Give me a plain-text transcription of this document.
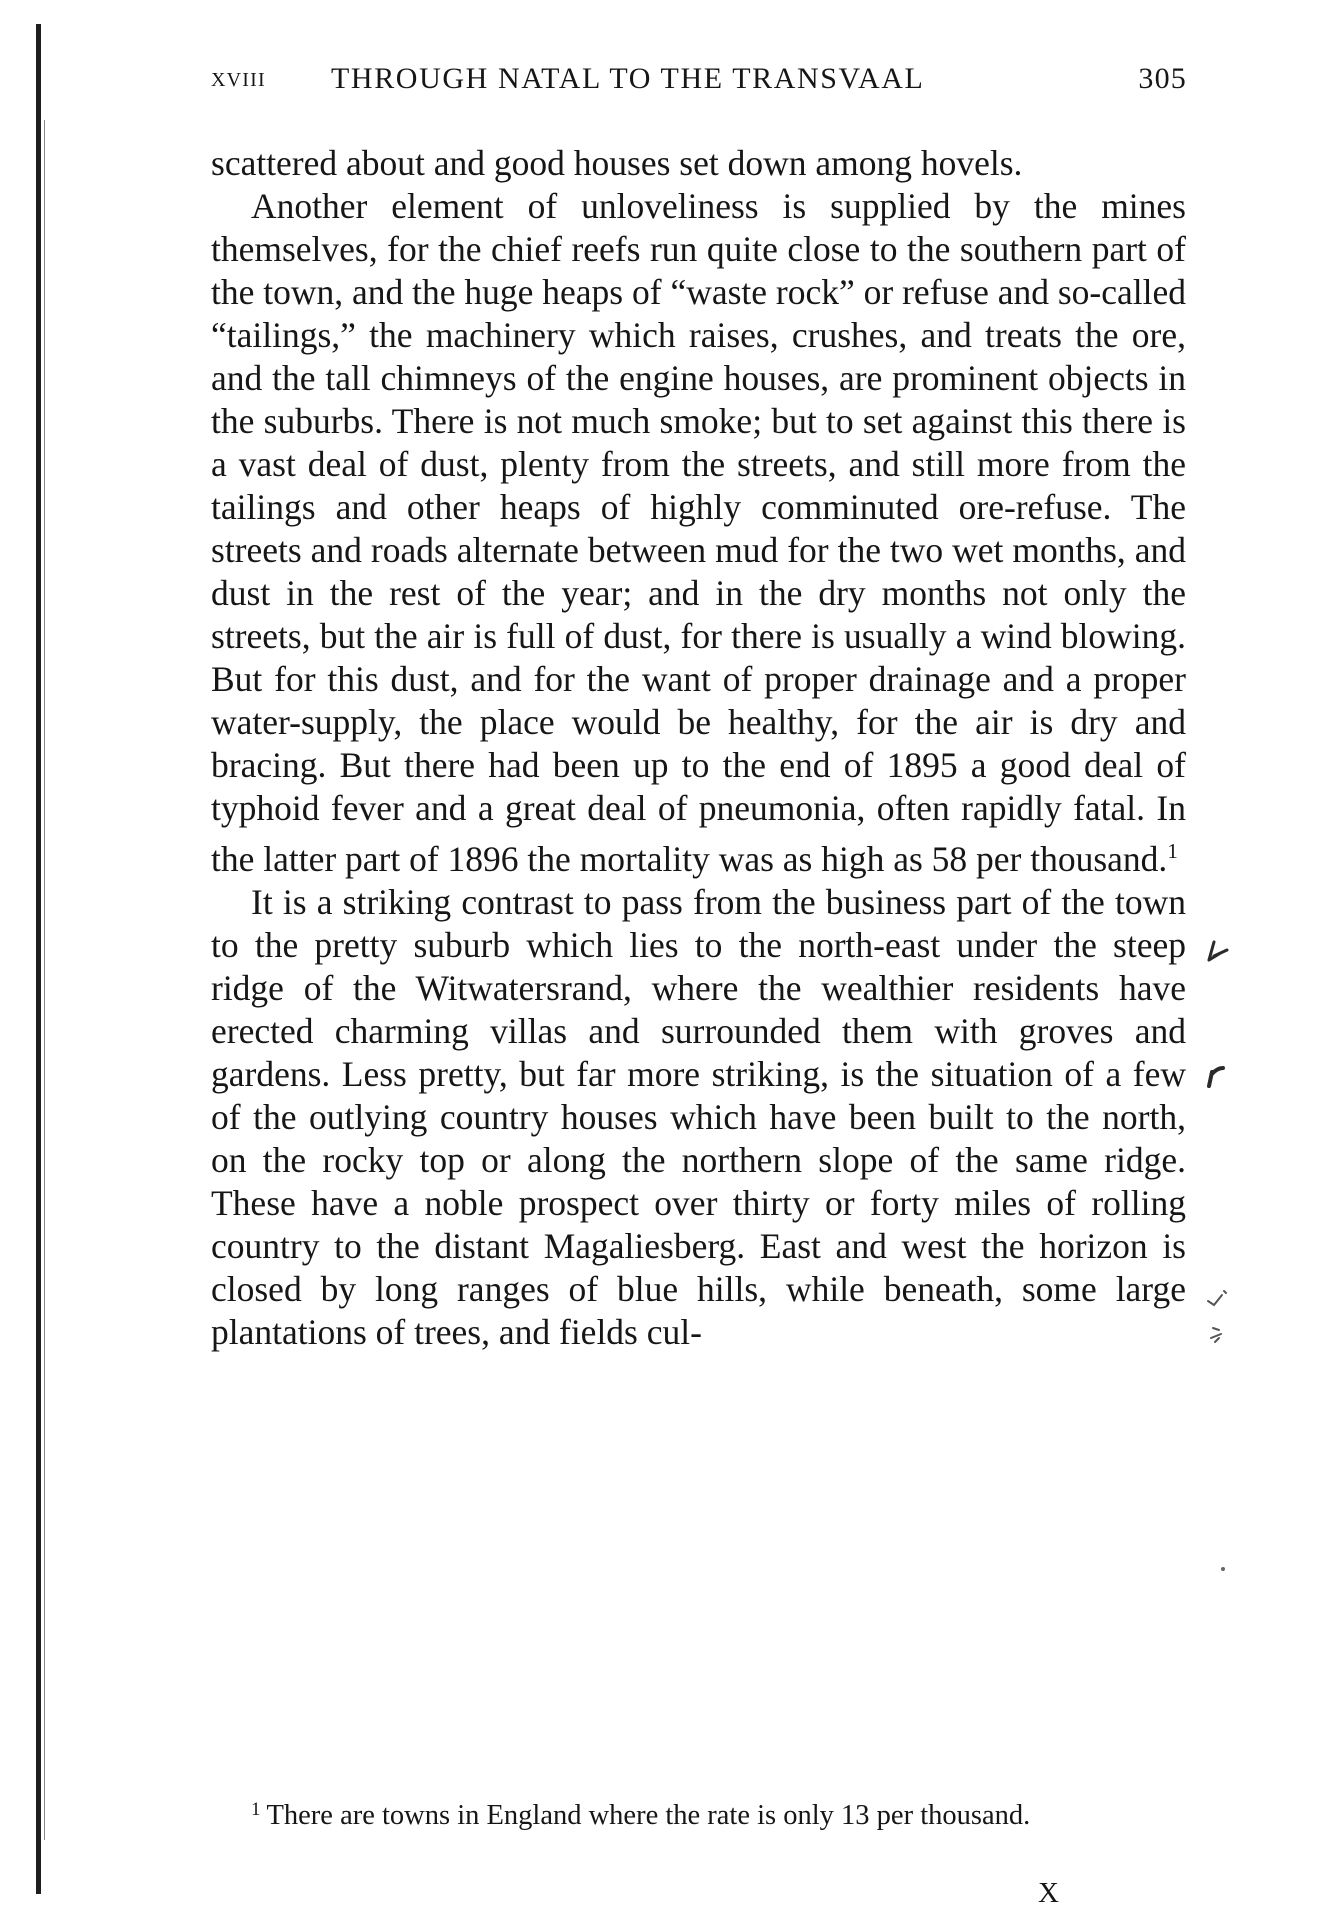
xviii THROUGH NATAL TO THE TRANSVAAL	305

scattered about and good houses set down among hovels.

Another element of unloveliness is supplied by the mines themselves, for the chief reefs run quite close to the southern part of the town, and the huge heaps of “waste rock” or refuse and so-called “tailings,” the machinery which raises, crushes, and treats the ore, and the tall chimneys of the engine houses, are prominent objects in the suburbs. There is not much smoke; but to set against this there is a vast deal of dust, plenty from the streets, and still more from the tailings and other heaps of highly comminuted ore-refuse. The streets and roads alternate between mud for the two wet months, and dust in the rest of the year; and in the dry months not only the streets, but the air is full of dust, for there is usually a wind blowing. But for this dust, and for the want of proper drainage and a proper water-supply, the place would be healthy, for the air is dry and bracing. But there had been up to the end of 1895 a good deal of typhoid fever and a great deal of pneumonia, often rapidly fatal. In the latter part of 1896 the mortality was as high as 58 per thousand.$^1$

It is a striking contrast to pass from the business part of the town to the pretty suburb which lies to the north-east under the steep ridge of the Witwatersrand, where the wealthier residents have erected charming villas and surrounded them with groves and gardens. Less pretty, but far more striking, is the situation of a few of the outlying country houses which have been built to the north, on the rocky top or along the northern slope of the same ridge. These have a noble prospect over thirty or forty miles of rolling country to the distant Magaliesberg. East and west the horizon is closed by long ranges of blue hills, while beneath, some large plantations of trees, and fields cul-

$^1$ There are towns in England where the rate is only 13 per thousand.
X
